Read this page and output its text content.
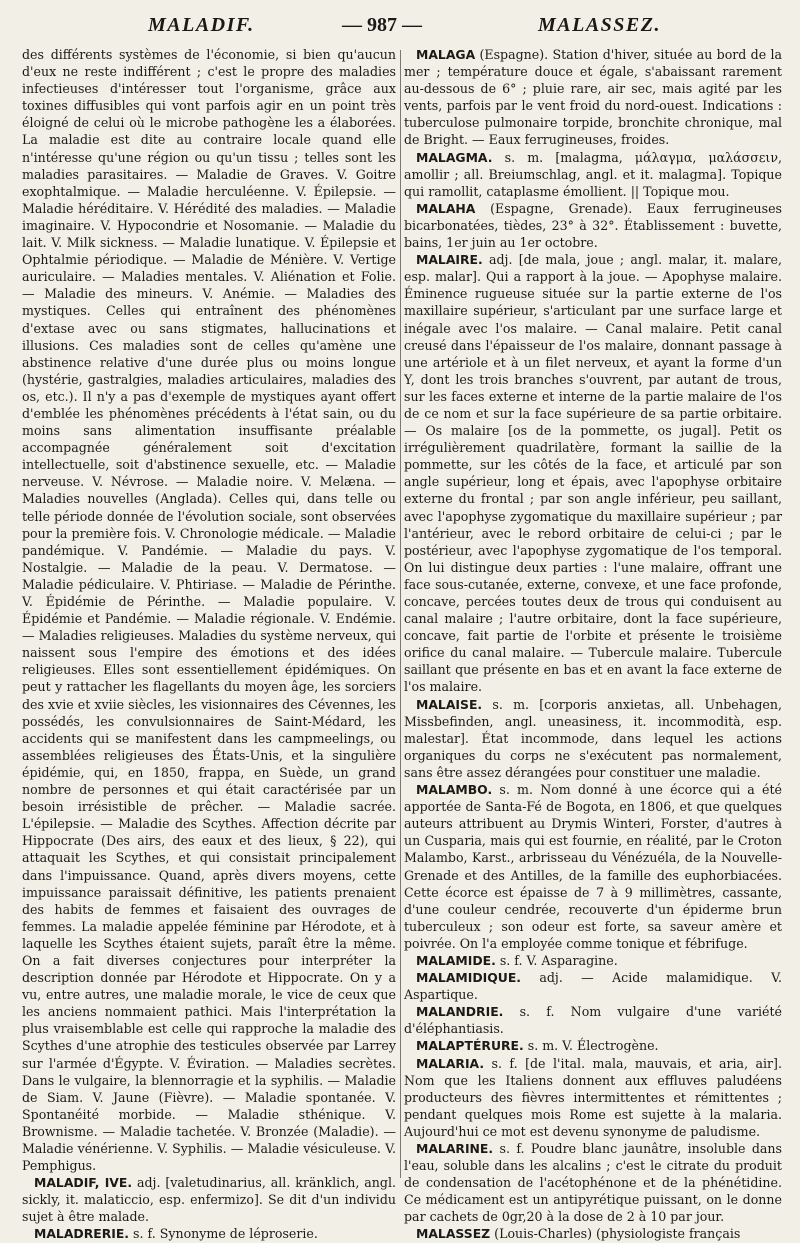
MALADIF.	— 987 —	MALASSEZ.

des différents systèmes de l'économie, si bien qu'aucun d'eux ne reste indifférent ; c'est le propre des maladies infectieuses d'intéresser tout l'organisme, grâce aux toxines diffusibles qui vont parfois agir en un point très éloigné de celui où le microbe pathogène les a élaborées. La maladie est dite au contraire locale quand elle n'intéresse qu'une région ou qu'un tissu ; telles sont les maladies parasitaires. — Maladie de Graves. V. Goitre exophtalmique. — Maladie herculéenne. V. Épilepsie. — Maladie héréditaire. V. Hérédité des maladies. — Maladie imaginaire. V. Hypocondrie et Nosomanie. — Maladie du lait. V. Milk sickness. — Maladie lunatique. V. Épilepsie et Ophtalmie périodique. — Maladie de Ménière. V. Vertige auriculaire. — Maladies mentales. V. Aliénation et Folie. — Maladie des mineurs. V. Anémie. — Maladies des mystiques. Celles qui entraînent des phénomènes d'extase avec ou sans stigmates, hallucinations et illusions. Ces maladies sont de celles qu'amène une abstinence relative d'une durée plus ou moins longue (hystérie, gastralgies, maladies articulaires, maladies des os, etc.). Il n'y a pas d'exemple de mystiques ayant offert d'emblée les phénomènes précédents à l'état sain, ou du moins sans alimentation insuffisante préalable accompagnée généralement soit d'excitation intellectuelle, soit d'abstinence sexuelle, etc. — Maladie nerveuse. V. Névrose. — Maladie noire. V. Melæna. — Maladies nouvelles (Anglada). Celles qui, dans telle ou telle période donnée de l'évolution sociale, sont observées pour la première fois. V. Chronologie médicale. — Maladie pandémique. V. Pandémie. — Maladie du pays. V. Nostalgie. — Maladie de la peau. V. Dermatose. — Maladie pédiculaire. V. Phtiriase. — Maladie de Périnthe. V. Épidémie de Périnthe. — Maladie populaire. V. Épidémie et Pandémie. — Maladie régionale. V. Endémie. — Maladies religieuses. Maladies du système nerveux, qui naissent sous l'empire des émotions et des idées religieuses. Elles sont essentiellement épidémiques. On peut y rattacher les flagellants du moyen âge, les sorciers des xvie et xviie siècles, les visionnaires des Cévennes, les possédés, les convulsionnaires de Saint-Médard, les accidents qui se manifestent dans les campmeelings, ou assemblées religieuses des États-Unis, et la singulière épidémie, qui, en 1850, frappa, en Suède, un grand nombre de personnes et qui était caractérisée par un besoin irrésistible de prêcher. — Maladie sacrée. L'épilepsie. — Maladie des Scythes. Affection décrite par Hippocrate (Des airs, des eaux et des lieux, § 22), qui attaquait les Scythes, et qui consistait principalement dans l'impuissance. Quand, après divers moyens, cette impuissance paraissait définitive, les patients prenaient des habits de femmes et faisaient des ouvrages de femmes. La maladie appelée féminine par Hérodote, et à laquelle les Scythes étaient sujets, paraît être la même. On a fait diverses conjectures pour interpréter la description donnée par Hérodote et Hippocrate. On y a vu, entre autres, une maladie morale, le vice de ceux que les anciens nommaient pathici. Mais l'interprétation la plus vraisemblable est celle qui rapproche la maladie des Scythes d'une atrophie des testicules observée par Larrey sur l'armée d'Égypte. V. Éviration. — Maladies secrètes. Dans le vulgaire, la blennorragie et la syphilis. — Maladie de Siam. V. Jaune (Fièvre). — Maladie spontanée. V. Spontanéité morbide. — Maladie sthénique. V. Brownisme. — Maladie tachetée. V. Bronzée (Maladie). — Maladie vénérienne. V. Syphilis. — Maladie vésiculeuse. V. Pemphigus.

MALADIF, IVE. adj. [valetudinarius, all. kränklich, angl. sickly, it. malaticcio, esp. enfermizo]. Se dit d'un individu sujet à être malade.

MALADRERIE. s. f. Synonyme de léproserie.

MALAGA (Espagne). Station d'hiver, située au bord de la mer ; température douce et égale, s'abaissant rarement au-dessous de 6° ; pluie rare, air sec, mais agité par les vents, parfois par le vent froid du nord-ouest. Indications : tuberculose pulmonaire torpide, bronchite chronique, mal de Bright. — Eaux ferrugineuses, froides.

MALAGMA. s. m. [malagma, μάλαγμα, μαλάσσειν, amollir ; all. Breiumschlag, angl. et it. malagma]. Topique qui ramollit, cataplasme émollient. || Topique mou.

MALAHA (Espagne, Grenade). Eaux ferrugineuses bicarbonatées, tièdes, 23° à 32°. Établissement : buvette, bains, 1er juin au 1er octobre.

MALAIRE. adj. [de mala, joue ; angl. malar, it. malare, esp. malar]. Qui a rapport à la joue. — Apophyse malaire. Éminence rugueuse située sur la partie externe de l'os maxillaire supérieur, s'articulant par une surface large et inégale avec l'os malaire. — Canal malaire. Petit canal creusé dans l'épaisseur de l'os malaire, donnant passage à une artériole et à un filet nerveux, et ayant la forme d'un Y, dont les trois branches s'ouvrent, par autant de trous, sur les faces externe et interne de la partie malaire de l'os de ce nom et sur la face supérieure de sa partie orbitaire. — Os malaire [os de la pommette, os jugal]. Petit os irrégulièrement quadrilatère, formant la saillie de la pommette, sur les côtés de la face, et articulé par son angle supérieur, long et épais, avec l'apophyse orbitaire externe du frontal ; par son angle inférieur, peu saillant, avec l'apophyse zygomatique du maxillaire supérieur ; par l'antérieur, avec le rebord orbitaire de celui-ci ; par le postérieur, avec l'apophyse zygomatique de l'os temporal. On lui distingue deux parties : l'une malaire, offrant une face sous-cutanée, externe, convexe, et une face profonde, concave, percées toutes deux de trous qui conduisent au canal malaire ; l'autre orbitaire, dont la face supérieure, concave, fait partie de l'orbite et présente le troisième orifice du canal malaire. — Tubercule malaire. Tubercule saillant que présente en bas et en avant la face externe de l'os malaire.

MALAISE. s. m. [corporis anxietas, all. Unbehagen, Missbefinden, angl. uneasiness, it. incommodità, esp. malestar]. État incommode, dans lequel les actions organiques du corps ne s'exécutent pas normalement, sans être assez dérangées pour constituer une maladie.

MALAMBO. s. m. Nom donné à une écorce qui a été apportée de Santa-Fé de Bogota, en 1806, et que quelques auteurs attribuent au Drymis Winteri, Forster, d'autres à un Cusparia, mais qui est fournie, en réalité, par le Croton Malambo, Karst., arbrisseau du Vénézuéla, de la Nouvelle-Grenade et des Antilles, de la famille des euphorbiacées. Cette écorce est épaisse de 7 à 9 millimètres, cassante, d'une couleur cendrée, recouverte d'un épiderme brun tuberculeux ; son odeur est forte, sa saveur amère et poivrée. On l'a employée comme tonique et fébrifuge.

MALAMIDE. s. f. V. Asparagine.

MALAMIDIQUE. adj. — Acide malamidique. V. Aspartique.

MALANDRIE. s. f. Nom vulgaire d'une variété d'éléphantiasis.

MALAPTÉRURE. s. m. V. Électrogène.

MALARIA. s. f. [de l'ital. mala, mauvais, et aria, air]. Nom que les Italiens donnent aux effluves paludéens producteurs des fièvres intermittentes et rémittentes ; pendant quelques mois Rome est sujette à la malaria. Aujourd'hui ce mot est devenu synonyme de paludisme.

MALARINE. s. f. Poudre blanc jaunâtre, insoluble dans l'eau, soluble dans les alcalins ; c'est le citrate du produit de condensation de l'acétophénone et de la phénétidine. Ce médicament est un antipyrétique puissant, on le donne par cachets de 0gr,20 à la dose de 2 à 10 par jour.

MALASSEZ (Louis-Charles) (physiologiste français
